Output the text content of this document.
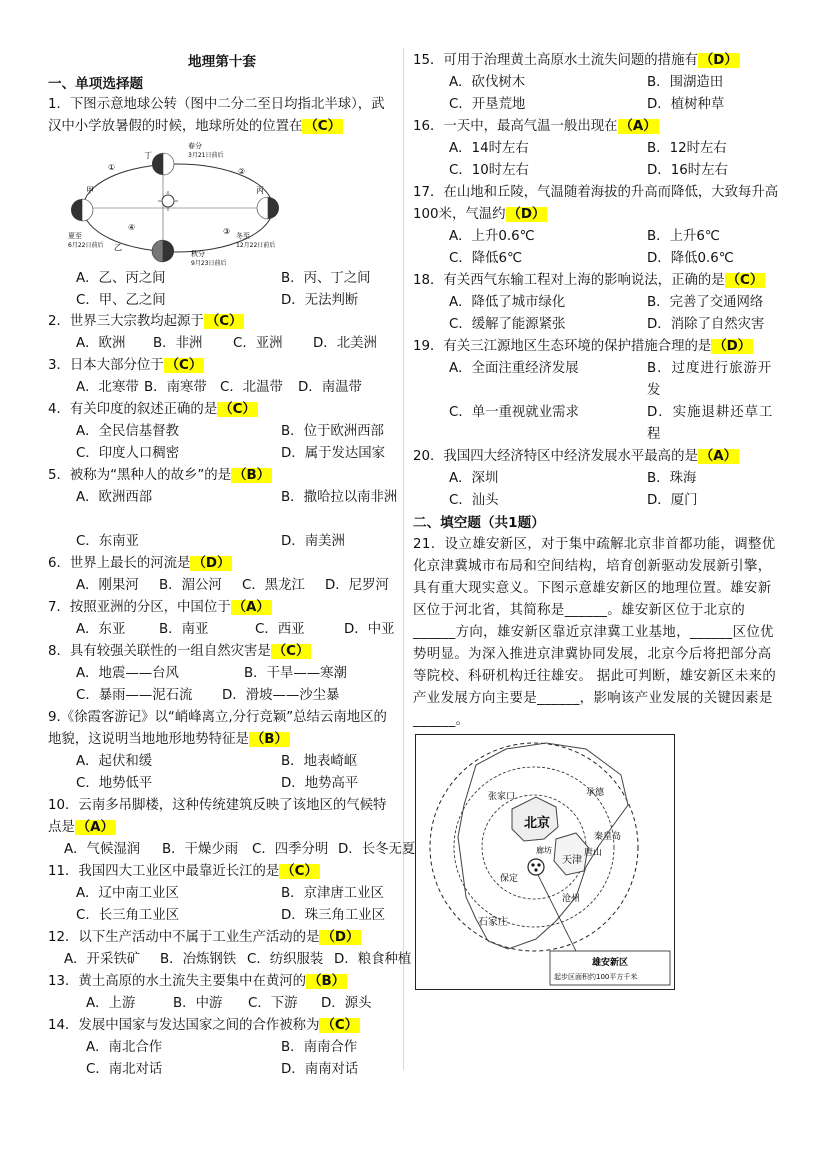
地理第十套
一、单项选择题
1．下图示意地球公转（图中二分二至日均指北半球），武汉中小学放暑假的时候，地球所处的位置在 （C）
春分
3月21日前后
夏至
6月22日前后
冬至
12月22日前后
秋分
9月23日前后
甲
乙
丙
丁
①	②
③
④
A．乙、丙之间	B．丙、丁之间
C．甲、乙之间	D．无法判断
2．世界三大宗教均起源于 （C）
A．欧洲 B．非洲 C．亚洲 D．北美洲
3．日本大部分位于 （C）
A．北寒带 B．南寒带 C．北温带 D．南温带
4．有关印度的叙述正确的是 （C）
A．全民信基督教	B．位于欧洲西部
C．印度人口稠密	D．属于发达国家
5．被称为“黑种人的故乡”的是 （B）
A．欧洲西部	B．撒哈拉以南非洲
C．东南亚	D．南美洲
6．世界上最长的河流是 （D）
A．刚果河 B．湄公河 C．黑龙江 D．尼罗河
7．按照亚洲的分区，中国位于 （A）
A．东亚	B．南亚	C．西亚	D．中亚
8．具有较强关联性的一组自然灾害是 （C）
A．地震——台风	B．干旱——寒潮
C．暴雨——泥石流 D．滑坡——沙尘暴
9.《徐霞客游记》以“峭峰离立,分行竞颖”总结云南地区的地貌，这说明当地地形地势特征是 （B）
A．起伏和缓	B．地表崎岖
C．地势低平	D．地势高平
10．云南多吊脚楼，这种传统建筑反映了该地区的气候特点是 （A）
A．气候湿润 B．干燥少雨 C．四季分明 D．长冬无夏
11．我国四大工业区中最靠近长江的是 （C）
A．辽中南工业区	B．京津唐工业区
C．长三角工业区	D．珠三角工业区
12．以下生产活动中不属于工业生产活动的是 （D）
A．开采铁矿 B．冶炼钢铁 C．纺织服装 D．粮食种植
13．黄土高原的水土流失主要集中在黄河的 （B）
A．上游	B．中游 C．下游 D．源头
14．发展中国家与发达国家之间的合作被称为 （C）
A．南北合作	B．南南合作
C．南北对话	D．南南对话
15．可用于治理黄土高原水土流失问题的措施有 （D）
A．砍伐树木	B．围湖造田
C．开垦荒地	D．植树种草
16．一天中，最高气温一般出现在 （A）
A．14时左右	B．12时左右
C．10时左右	D．16时左右
17．在山地和丘陵，气温随着海拔的升高而降低，大致每升高100米，气温约 （D）
A．上升0.6℃	B．上升6℃
C．降低6℃	D．降低0.6℃
18．有关西气东输工程对上海的影响说法，正确的是 （C）
A．降低了城市绿化	B．完善了交通网络
C．缓解了能源紧张	D．消除了自然灾害
19．有关三江源地区生态环境的保护措施合理的是 （D）
A．全面注重经济发展	B．过度进行旅游开发
C．单一重视就业需求	D．实施退耕还草工程
20．我国四大经济特区中经济发展水平最高的是 （A）
A．深圳	B．珠海
C．汕头	D．厦门
二、填空题（共1题）
21．设立雄安新区，对于集中疏解北京非首都功能，调整优化京津冀城市布局和空间结构，培育创新驱动发展新引擎，具有重大现实意义。下图示意雄安新区的地理位置。雄安新区位于河北省，其简称是______。雄安新区位于北京的______方向，雄安新区靠近京津冀工业基地，______区位优势明显。为深入推进京津冀协同发展，北京今后将把部分高等院校、科研机构迁往雄安。 据此可判断，雄安新区未来的产业发展方向主要是______，影响该产业发展的关键因素是______。
张家口	承德
北京
秦皇岛
廊坊	唐山
天津
保定
沧州
石家庄
雄安新区
起步区面积约100平方千米
